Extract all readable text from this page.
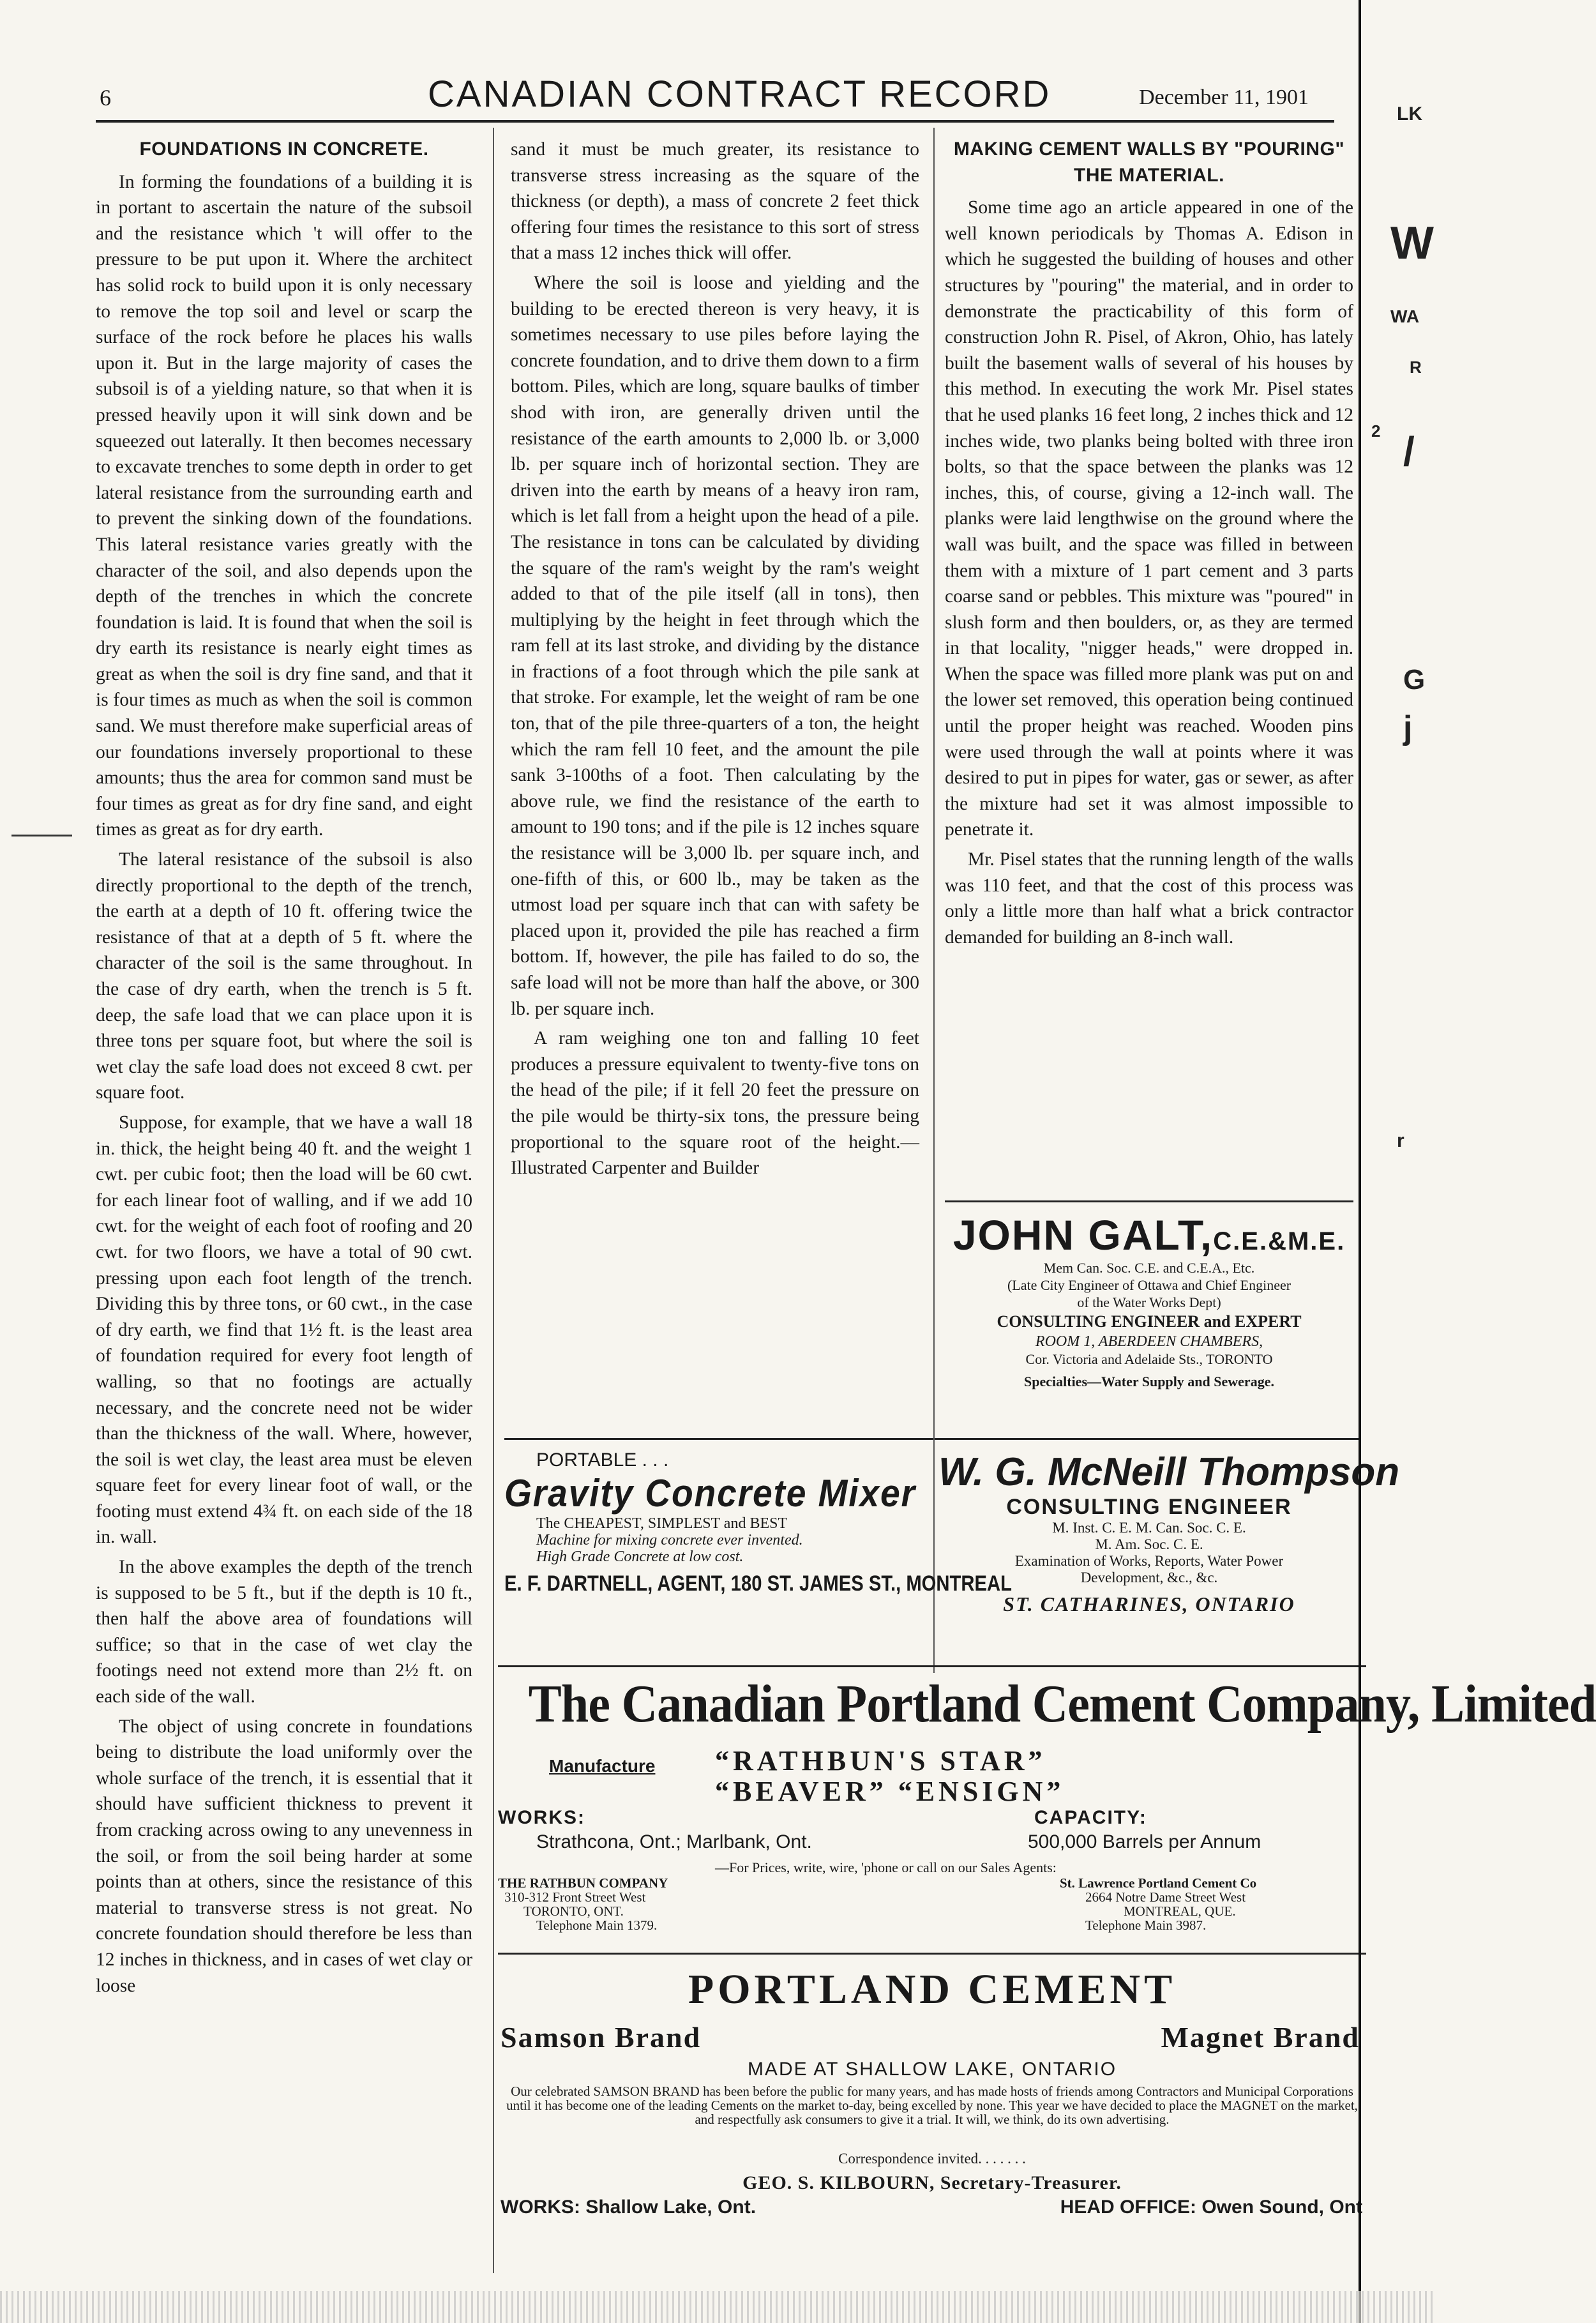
6	CANADIAN CONTRACT RECORD	December 11, 1901
FOUNDATIONS IN CONCRETE.

In forming the foundations of a building it is in portant to ascertain the nature of the subsoil and the resistance which 't will offer to the pressure to be put upon it. Where the architect has solid rock to build upon it is only necessary to remove the top soil and level or scarp the surface of the rock before he places his walls upon it. But in the large majority of cases the subsoil is of a yielding nature, so that when it is pressed heavily upon it will sink down and be squeezed out laterally. It then becomes necessary to excavate trenches to some depth in order to get lateral resistance from the surrounding earth and to prevent the sinking down of the foundations. This lateral resistance varies greatly with the character of the soil, and also depends upon the depth of the trenches in which the concrete foundation is laid. It is found that when the soil is dry earth its resistance is nearly eight times as great as when the soil is dry fine sand, and that it is four times as much as when the soil is common sand. We must therefore make superficial areas of our foundations inversely proportional to these amounts; thus the area for common sand must be four times as great as for dry fine sand, and eight times as great as for dry earth.

The lateral resistance of the subsoil is also directly proportional to the depth of the trench, the earth at a depth of 10 ft. offering twice the resistance of that at a depth of 5 ft. where the character of the soil is the same throughout. In the case of dry earth, when the trench is 5 ft. deep, the safe load that we can place upon it is three tons per square foot, but where the soil is wet clay the safe load does not exceed 8 cwt. per square foot.

Suppose, for example, that we have a wall 18 in. thick, the height being 40 ft. and the weight 1 cwt. per cubic foot; then the load will be 60 cwt. for each linear foot of walling, and if we add 10 cwt. for the weight of each foot of roofing and 20 cwt. for two floors, we have a total of 90 cwt. pressing upon each foot length of the trench. Dividing this by three tons, or 60 cwt., in the case of dry earth, we find that 1½ ft. is the least area of foundation required for every foot length of walling, so that no footings are actually necessary, and the concrete need not be wider than the thickness of the wall. Where, however, the soil is wet clay, the least area must be eleven square feet for every linear foot of wall, or the footing must extend 4¾ ft. on each side of the 18 in. wall.

In the above examples the depth of the trench is supposed to be 5 ft., but if the depth is 10 ft., then half the above area of foundations will suffice; so that in the case of wet clay the footings need not extend more than 2½ ft. on each side of the wall.

The object of using concrete in foundations being to distribute the load uniformly over the whole surface of the trench, it is essential that it should have sufficient thickness to prevent it from cracking across owing to any unevenness in the soil, or from the soil being harder at some points than at others, since the resistance of this material to transverse stress is not great. No concrete foundation should therefore be less than 12 inches in thickness, and in cases of wet clay or loose

sand it must be much greater, its resistance to transverse stress increasing as the square of the thickness (or depth), a mass of concrete 2 feet thick offering four times the resistance to this sort of stress that a mass 12 inches thick will offer.

Where the soil is loose and yielding and the building to be erected thereon is very heavy, it is sometimes necessary to use piles before laying the concrete foundation, and to drive them down to a firm bottom. Piles, which are long, square baulks of timber shod with iron, are generally driven until the resistance of the earth amounts to 2,000 lb. or 3,000 lb. per square inch of horizontal section. They are driven into the earth by means of a heavy iron ram, which is let fall from a height upon the head of a pile. The resistance in tons can be calculated by dividing the square of the ram's weight by the ram's weight added to that of the pile itself (all in tons), then multiplying by the height in feet through which the ram fell at its last stroke, and dividing by the distance in fractions of a foot through which the pile sank at that stroke. For example, let the weight of ram be one ton, that of the pile three-quarters of a ton, the height which the ram fell 10 feet, and the amount the pile sank 3-100ths of a foot. Then calculating by the above rule, we find the resistance of the earth to amount to 190 tons; and if the pile is 12 inches square the resistance will be 3,000 lb. per square inch, and one-fifth of this, or 600 lb., may be taken as the utmost load per square inch that can with safety be placed upon it, provided the pile has reached a firm bottom. If, however, the pile has failed to do so, the safe load will not be more than half the above, or 300 lb. per square inch.

A ram weighing one ton and falling 10 feet produces a pressure equivalent to twenty-five tons on the head of the pile; if it fell 20 feet the pressure on the pile would be thirty-six tons, the pressure being proportional to the square root of the height.—Illustrated Carpenter and Builder

MAKING CEMENT WALLS BY "POURING" THE MATERIAL.

Some time ago an article appeared in one of the well known periodicals by Thomas A. Edison in which he suggested the building of houses and other structures by "pouring" the material, and in order to demonstrate the practicability of this form of construction John R. Pisel, of Akron, Ohio, has lately built the basement walls of several of his houses by this method. In executing the work Mr. Pisel states that he used planks 16 feet long, 2 inches thick and 12 inches wide, two planks being bolted with three iron bolts, so that the space between the planks was 12 inches, this, of course, giving a 12-inch wall. The planks were laid lengthwise on the ground where the wall was built, and the space was filled in between them with a mixture of 1 part cement and 3 parts coarse sand or pebbles. This mixture was "poured" in slush form and then boulders, or, as they are termed in that locality, "nigger heads," were dropped in. When the space was filled more plank was put on and the lower set removed, this operation being continued until the proper height was reached. Wooden pins were used through the wall at points where it was desired to put in pipes for water, gas or sewer, as after the mixture had set it was almost impossible to penetrate it.

Mr. Pisel states that the running length of the walls was 110 feet, and that the cost of this process was only a little more than half what a brick contractor demanded for building an 8-inch wall.

JOHN GALT,C.E.&M.E.
Mem Can. Soc. C.E. and C.E.A., Etc.
(Late City Engineer of Ottawa and Chief Engineer
of the Water Works Dept)
CONSULTING ENGINEER and EXPERT
ROOM 1, ABERDEEN CHAMBERS,
Cor. Victoria and Adelaide Sts., TORONTO
Specialties—Water Supply and Sewerage.
PORTABLE . . .
Gravity Concrete Mixer
The CHEAPEST, SIMPLEST and BEST
Machine for mixing concrete ever invented.
High Grade Concrete at low cost.
E. F. DARTNELL, AGENT, 180 ST. JAMES ST., MONTREAL
W. G. McNeill Thompson
CONSULTING ENGINEER
M. Inst. C. E. M. Can. Soc. C. E.
M. Am. Soc. C. E.
Examination of Works, Reports, Water Power
Development, &c., &c.
ST. CATHARINES, ONTARIO
The Canadian Portland Cement Company, Limited
Manufacture “RATHBUN'S STAR”
“BEAVER” “ENSIGN”
WORKS:	CAPACITY:
Strathcona, Ont.; Marlbank, Ont.	500,000 Barrels per Annum
—For Prices, write, wire, 'phone or call on our Sales Agents:
THE RATHBUN COMPANY
310-312 Front Street West
TORONTO, ONT.
Telephone Main 1379.
St. Lawrence Portland Cement Co
2664 Notre Dame Street West
MONTREAL, QUE.
Telephone Main 3987.
PORTLAND CEMENT
Samson Brand	Magnet Brand
MADE AT SHALLOW LAKE, ONTARIO
Our celebrated SAMSON BRAND has been before the public for many years, and has made hosts of friends among Contractors and Municipal Corporations until it has become one of the leading Cements on the market to-day, being excelled by none. This year we have decided to place the MAGNET on the market, and respectfully ask consumers to give it a trial. It will, we think, do its own advertising.
Correspondence invited. . . . . . .
GEO. S. KILBOURN, Secretary-Treasurer.
WORKS: Shallow Lake, Ont.	HEAD OFFICE: Owen Sound, Ont
LK
W
WA
R
2 /
G
j
r
